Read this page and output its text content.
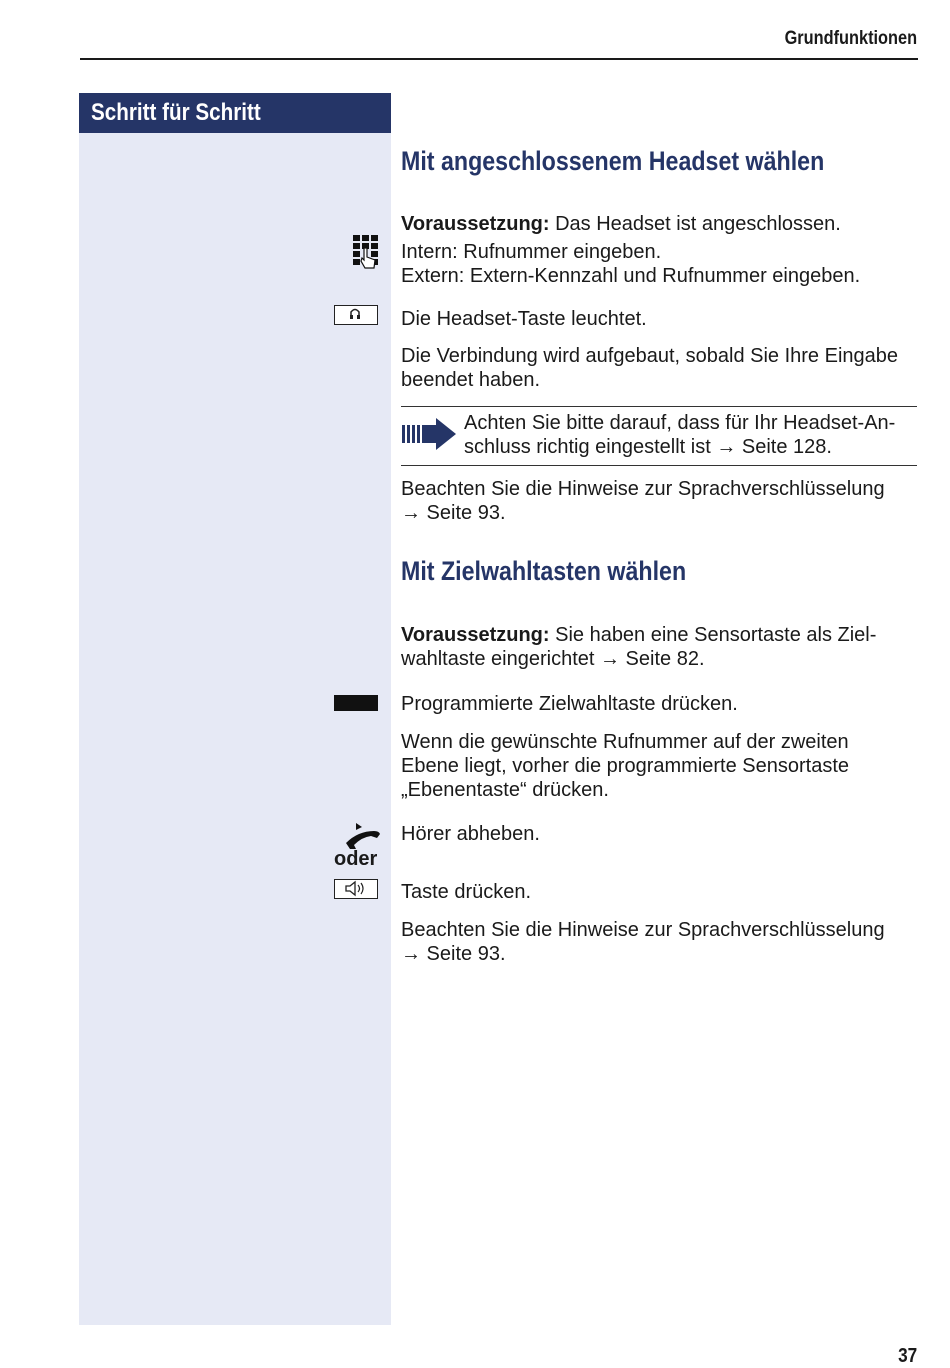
Grundfunktionen
Schritt für Schritt
Mit angeschlossenem Headset wählen
Voraussetzung: Das Headset ist angeschlossen.
Intern: Rufnummer eingeben.
Extern: Extern-Kennzahl und Rufnummer eingeben.
Die Headset-Taste leuchtet.
Die Verbindung wird aufgebaut, sobald Sie Ihre Eingabe
beendet haben.
Achten Sie bitte darauf, dass für Ihr Headset-An-
schluss richtig eingestellt ist → Seite 128.
Beachten Sie die Hinweise zur Sprachverschlüsselung
→ Seite 93.
Mit Zielwahltasten wählen
Voraussetzung: Sie haben eine Sensortaste als Ziel-
wahltaste eingerichtet → Seite 82.
Programmierte Zielwahltaste drücken.
Wenn die gewünschte Rufnummer auf der zweiten
Ebene liegt, vorher die programmierte Sensortaste
„Ebenentaste“ drücken.
Hörer abheben.
oder
Taste drücken.
Beachten Sie die Hinweise zur Sprachverschlüsselung
→ Seite 93.
37
